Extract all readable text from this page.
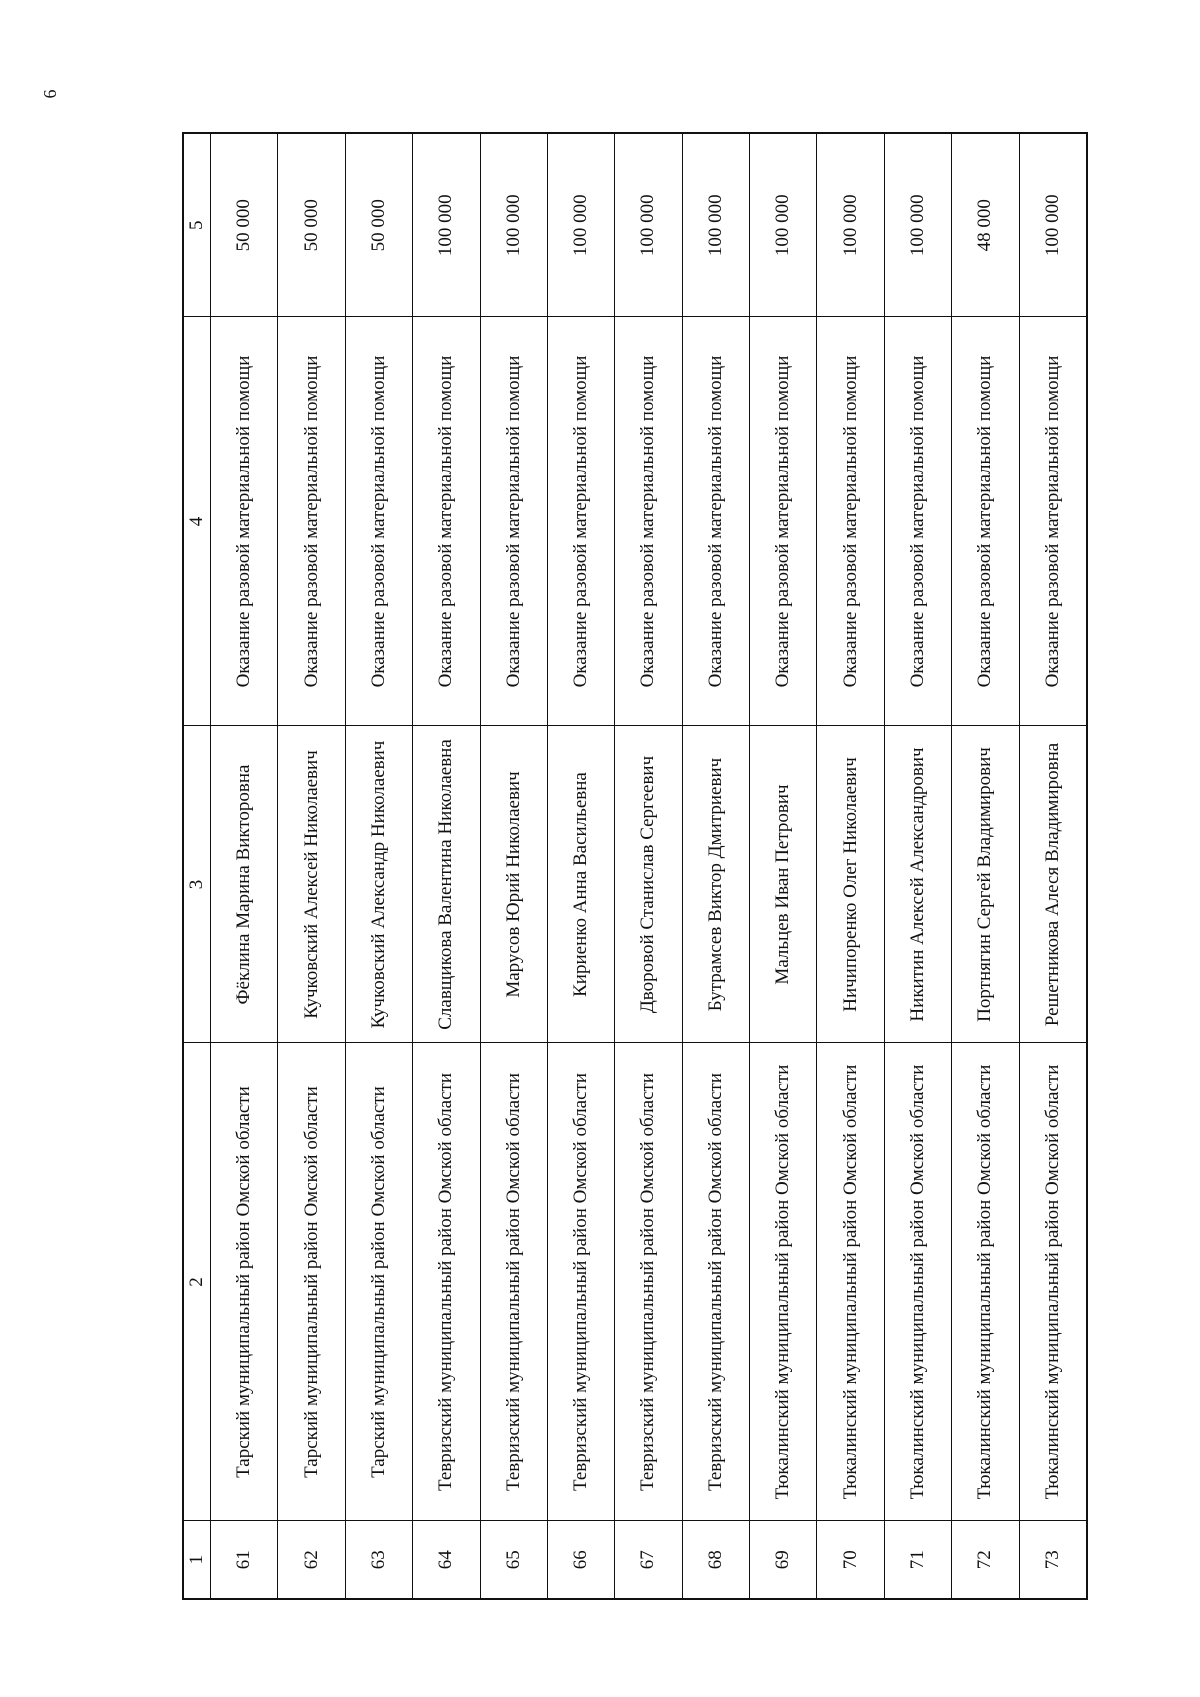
6
1	2	3	4	5
61	Тарский муниципальный район Омской области	Фёклина Марина Викторовна	Оказание разовой материальной помощи	50 000
62	Тарский муниципальный район Омской области	Кучковский Алексей Николаевич	Оказание разовой материальной помощи	50 000
63	Тарский муниципальный район Омской области	Кучковский Александр Николаевич	Оказание разовой материальной помощи	50 000
64	Тевризский муниципальный район Омской области	Славщикова Валентина Николаевна	Оказание разовой материальной помощи	100 000
65	Тевризский муниципальный район Омской области	Марусов Юрий Николаевич	Оказание разовой материальной помощи	100 000
66	Тевризский муниципальный район Омской области	Кириенко Анна Васильевна	Оказание разовой материальной помощи	100 000
67	Тевризский муниципальный район Омской области	Дворовой Станислав Сергеевич	Оказание разовой материальной помощи	100 000
68	Тевризский муниципальный район Омской области	Бутрамсев Виктор Дмитриевич	Оказание разовой материальной помощи	100 000
69	Тюкалинский муниципальный район Омской области	Мальцев Иван Петрович	Оказание разовой материальной помощи	100 000
70	Тюкалинский муниципальный район Омской области	Ничипоренко Олег Николаевич	Оказание разовой материальной помощи	100 000
71	Тюкалинский муниципальный район Омской области	Никитин Алексей Александрович	Оказание разовой материальной помощи	100 000
72	Тюкалинский муниципальный район Омской области	Портнягин Сергей Владимирович	Оказание разовой материальной помощи	48 000
73	Тюкалинский муниципальный район Омской области	Решетникова Алеся Владимировна	Оказание разовой материальной помощи	100 000
